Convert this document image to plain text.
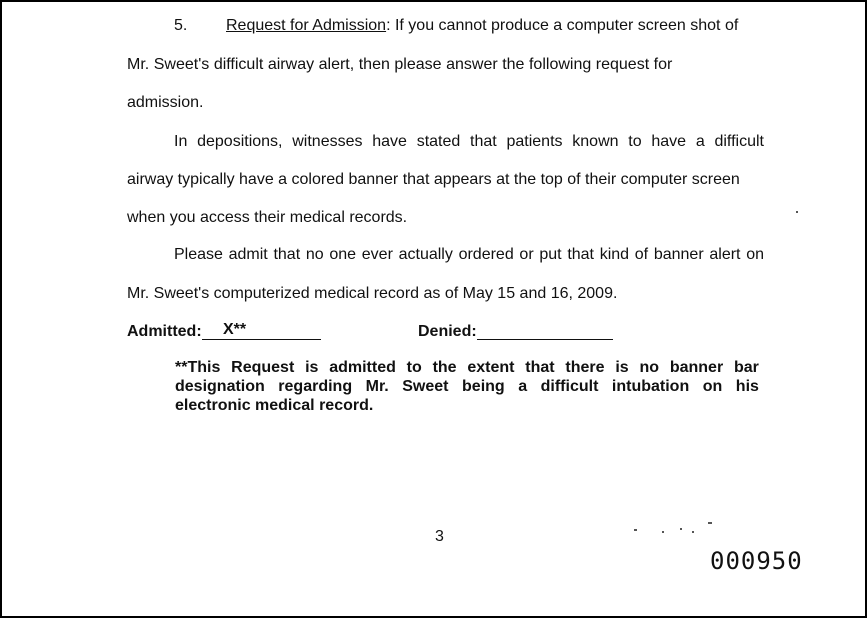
5. Request for Admission: If you cannot produce a computer screen shot of
Mr. Sweet's difficult airway alert, then please answer the following request for
admission.
In depositions, witnesses have stated that patients known to have a difficult
airway typically have a colored banner that appears at the top of their computer screen
when you access their medical records.
Please admit that no one ever actually ordered or put that kind of banner alert on
Mr. Sweet's computerized medical record as of May 15 and 16, 2009.
Admitted: X**	Denied:
**This Request is admitted to the extent that there is no banner bar
designation regarding Mr. Sweet being a difficult intubation on his
electronic medical record.
3
000950
